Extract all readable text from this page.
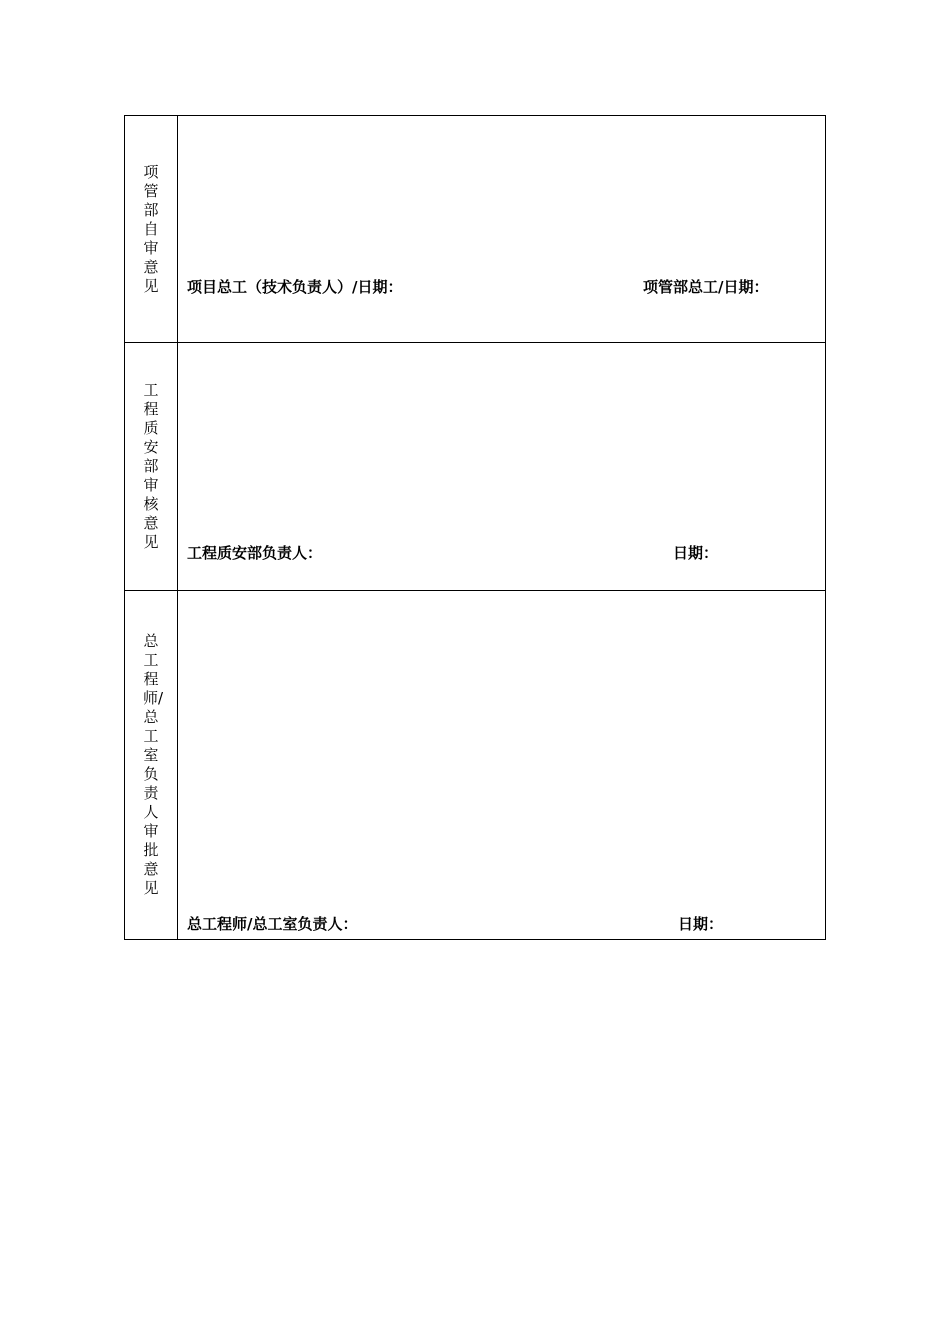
项管部自审意见	项目总工（技术负责人）/日期： 项管部总工/日期：

工程质安部审核意见	工程质安部负责人： 日期：

总工程师/总工室负责人审批意见	总工程师/总工室负责人： 日期：
